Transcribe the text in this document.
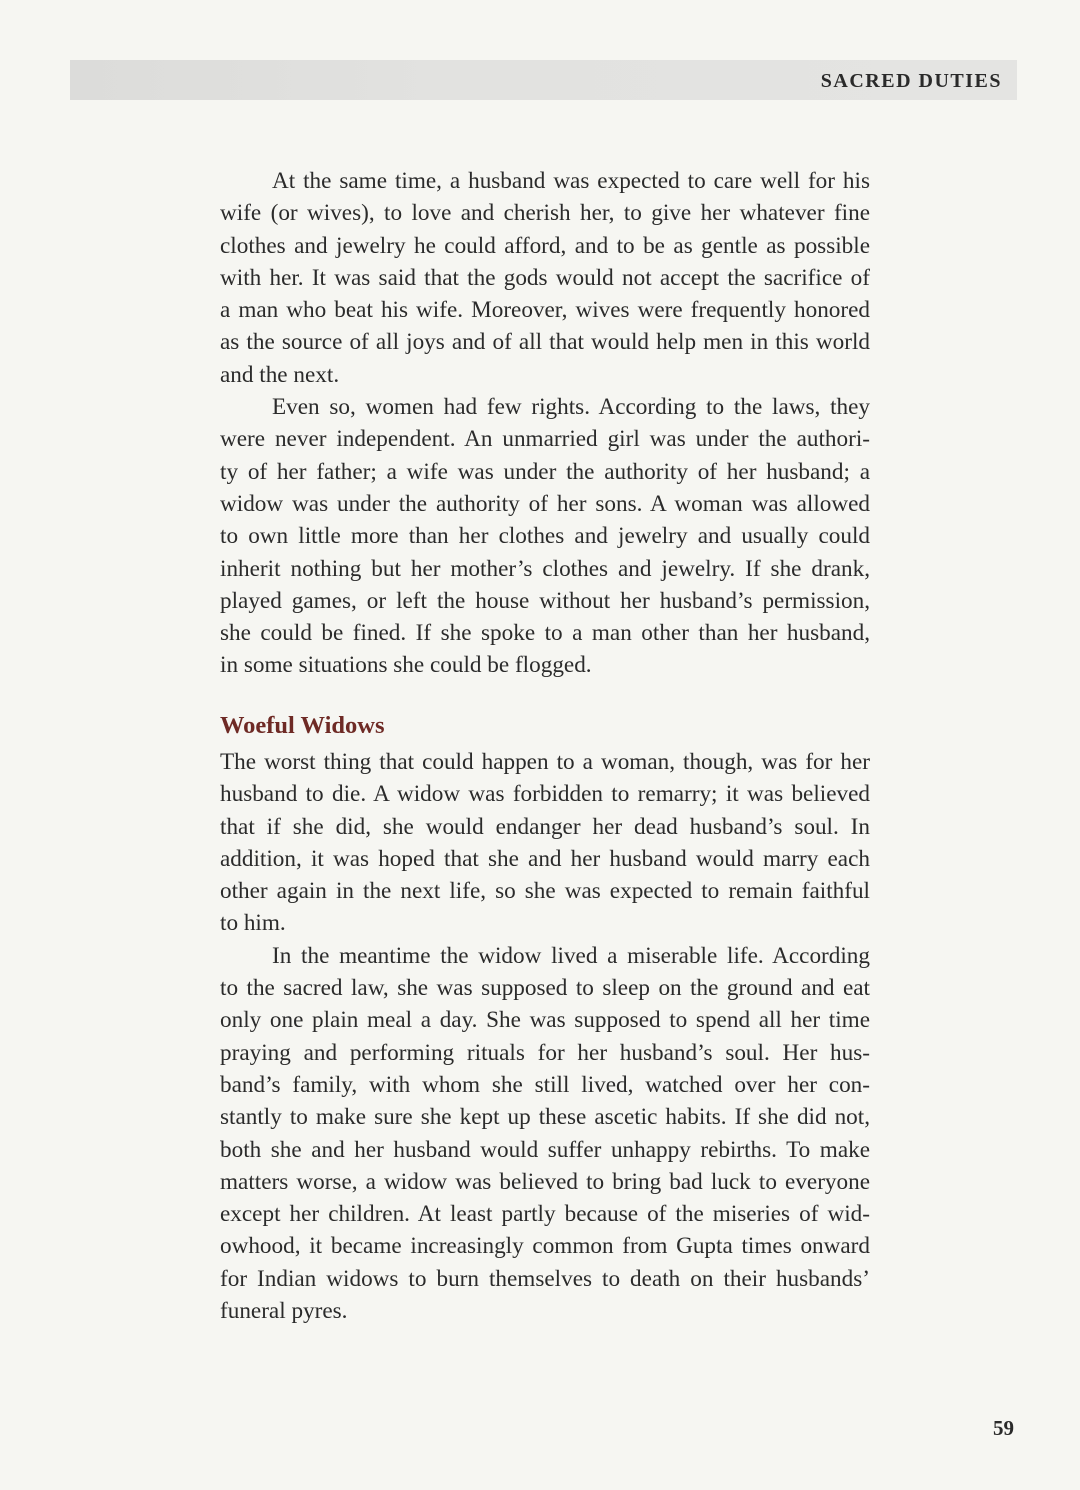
SACRED DUTIES
At the same time, a husband was expected to care well for his
wife (or wives), to love and cherish her, to give her whatever fine
clothes and jewelry he could afford, and to be as gentle as possible
with her. It was said that the gods would not accept the sacrifice of
a man who beat his wife. Moreover, wives were frequently honored
as the source of all joys and of all that would help men in this world
and the next.
Even so, women had few rights. According to the laws, they
were never independent. An unmarried girl was under the authori-
ty of her father; a wife was under the authority of her husband; a
widow was under the authority of her sons. A woman was allowed
to own little more than her clothes and jewelry and usually could
inherit nothing but her mother’s clothes and jewelry. If she drank,
played games, or left the house without her husband’s permission,
she could be fined. If she spoke to a man other than her husband,
in some situations she could be flogged.
Woeful Widows
The worst thing that could happen to a woman, though, was for her
husband to die. A widow was forbidden to remarry; it was believed
that if she did, she would endanger her dead husband’s soul. In
addition, it was hoped that she and her husband would marry each
other again in the next life, so she was expected to remain faithful
to him.
In the meantime the widow lived a miserable life. According
to the sacred law, she was supposed to sleep on the ground and eat
only one plain meal a day. She was supposed to spend all her time
praying and performing rituals for her husband’s soul. Her hus-
band’s family, with whom she still lived, watched over her con-
stantly to make sure she kept up these ascetic habits. If she did not,
both she and her husband would suffer unhappy rebirths. To make
matters worse, a widow was believed to bring bad luck to everyone
except her children. At least partly because of the miseries of wid-
owhood, it became increasingly common from Gupta times onward
for Indian widows to burn themselves to death on their husbands’
funeral pyres.
59
